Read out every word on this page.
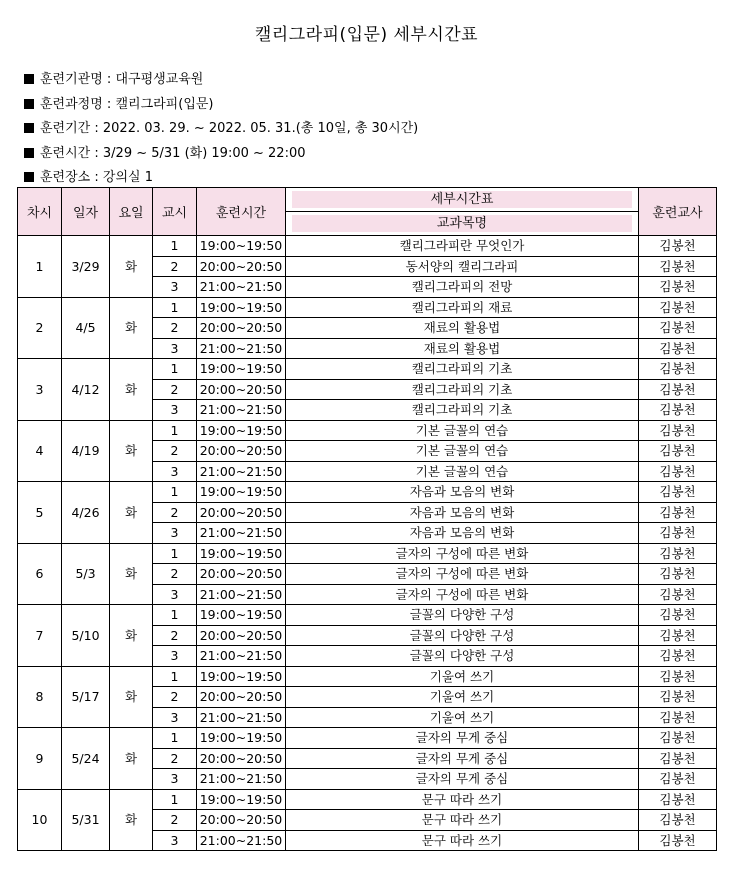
캘리그라피(입문) 세부시간표
훈련기관명 : 대구평생교육원
훈련과정명 : 캘리그라피(입문)
훈련기간 : 2022. 03. 29. ~ 2022. 05. 31.(총 10일, 총 30시간)
훈련시간 : 3/29 ~ 5/31 (화) 19:00 ~ 22:00
훈련장소 : 강의실 1
차시	일자	요일	교시	훈련시간	세부시간표	훈련교사

					교과목명	

1	3/29	화	1	19:00~19:50	캘리그라피란 무엇인가	김봉천
			2	20:00~20:50	동서양의 캘리그라피	김봉천
			3	21:00~21:50	캘리그라피의 전망	김봉천
2	4/5	화	1	19:00~19:50	캘리그라피의 재료	김봉천
			2	20:00~20:50	재료의 활용법	김봉천
			3	21:00~21:50	재료의 활용법	김봉천
3	4/12	화	1	19:00~19:50	캘리그라피의 기초	김봉천
			2	20:00~20:50	캘리그라피의 기초	김봉천
			3	21:00~21:50	캘리그라피의 기초	김봉천
4	4/19	화	1	19:00~19:50	기본 글꼴의 연습	김봉천
			2	20:00~20:50	기본 글꼴의 연습	김봉천
			3	21:00~21:50	기본 글꼴의 연습	김봉천
5	4/26	화	1	19:00~19:50	자음과 모음의 변화	김봉천
			2	20:00~20:50	자음과 모음의 변화	김봉천
			3	21:00~21:50	자음과 모음의 변화	김봉천
6	5/3	화	1	19:00~19:50	글자의 구성에 따른 변화	김봉천
			2	20:00~20:50	글자의 구성에 따른 변화	김봉천
			3	21:00~21:50	글자의 구성에 따른 변화	김봉천
7	5/10	화	1	19:00~19:50	글꼴의 다양한 구성	김봉천
			2	20:00~20:50	글꼴의 다양한 구성	김봉천
			3	21:00~21:50	글꼴의 다양한 구성	김봉천
8	5/17	화	1	19:00~19:50	기울여 쓰기	김봉천
			2	20:00~20:50	기울여 쓰기	김봉천
			3	21:00~21:50	기울여 쓰기	김봉천
9	5/24	화	1	19:00~19:50	글자의 무게 중심	김봉천
			2	20:00~20:50	글자의 무게 중심	김봉천
			3	21:00~21:50	글자의 무게 중심	김봉천
10	5/31	화	1	19:00~19:50	문구 따라 쓰기	김봉천
			2	20:00~20:50	문구 따라 쓰기	김봉천
			3	21:00~21:50	문구 따라 쓰기	김봉천
